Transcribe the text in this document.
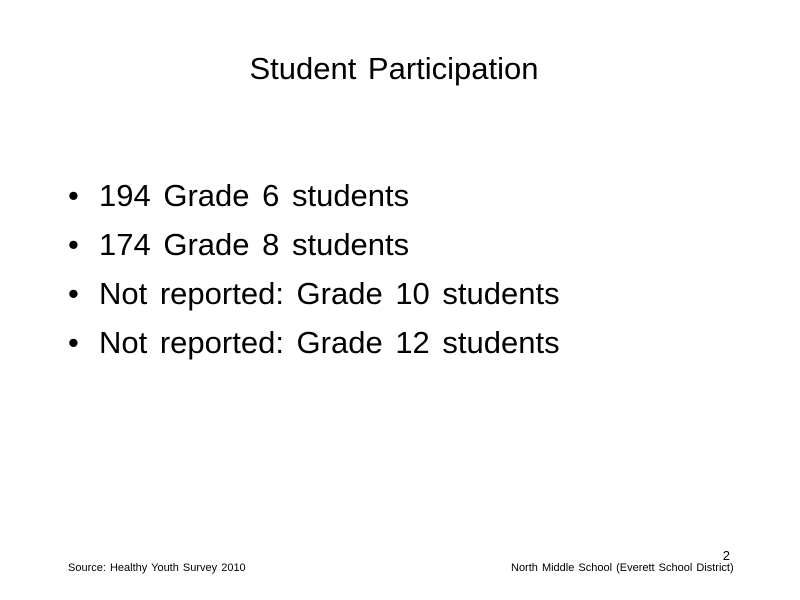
Student Participation
• 194 Grade 6 students
• 174 Grade 8 students
• Not reported: Grade 10 students
• Not reported: Grade 12 students
Source: Healthy Youth Survey 2010
2
North Middle School (Everett School District)
